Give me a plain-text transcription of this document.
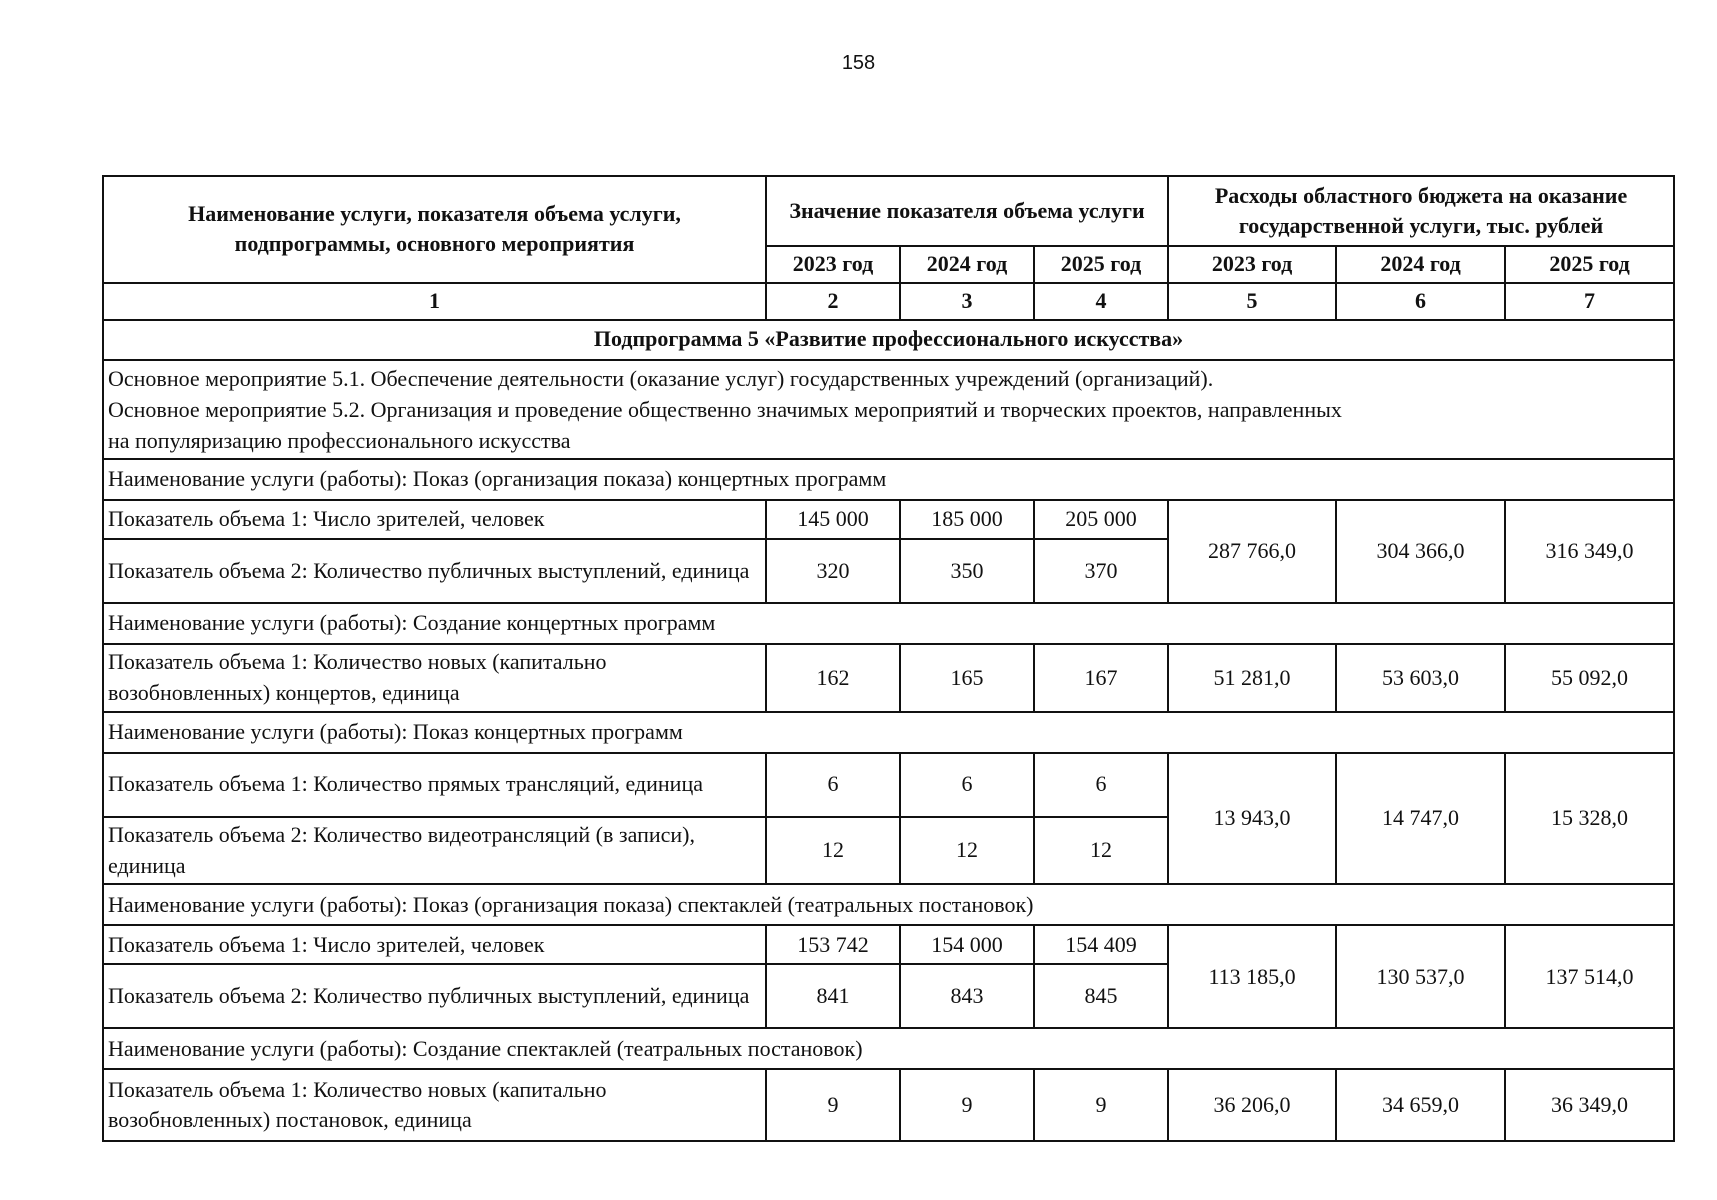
158
Наименование услуги, показателя объема услуги, подпрограммы, основного мероприятия	Значение показателя объема услуги			Расходы областного бюджета на оказание государственной услуги, тыс. рублей		
	2023 год	2024 год	2025 год	2023 год	2024 год	2025 год
1	2	3	4	5	6	7
Подпрограмма 5 «Развитие профессионального искусства»						

Основное мероприятие 5.1. Обеспечение деятельности (оказание услуг) государственных учреждений (организаций).
Основное мероприятие 5.2. Организация и проведение общественно значимых мероприятий и творческих проектов, направленных
на популяризацию профессионального искусства						

Наименование услуги (работы): Показ (организация показа) концертных программ						
Показатель объема 1: Число зрителей, человек	145 000	185 000	205 000	287 766,0	304 366,0	316 349,0
Показатель объема 2: Количество публичных выступлений, единица	320	350	370			
Наименование услуги (работы): Создание концертных программ						
Показатель объема 1: Количество новых (капитально возобновленных) концертов, единица	162	165	167	51 281,0	53 603,0	55 092,0
Наименование услуги (работы): Показ концертных программ						
Показатель объема 1: Количество прямых трансляций, единица	6	6	6	13 943,0	14 747,0	15 328,0
Показатель объема 2: Количество видеотрансляций (в записи), единица	12	12	12			
Наименование услуги (работы): Показ (организация показа) спектаклей (театральных постановок)						
Показатель объема 1: Число зрителей, человек	153 742	154 000	154 409	113 185,0	130 537,0	137 514,0
Показатель объема 2: Количество публичных выступлений, единица	841	843	845			
Наименование услуги (работы): Создание спектаклей (театральных постановок)						
Показатель объема 1: Количество новых (капитально возобновленных) постановок, единица	9	9	9	36 206,0	34 659,0	36 349,0
